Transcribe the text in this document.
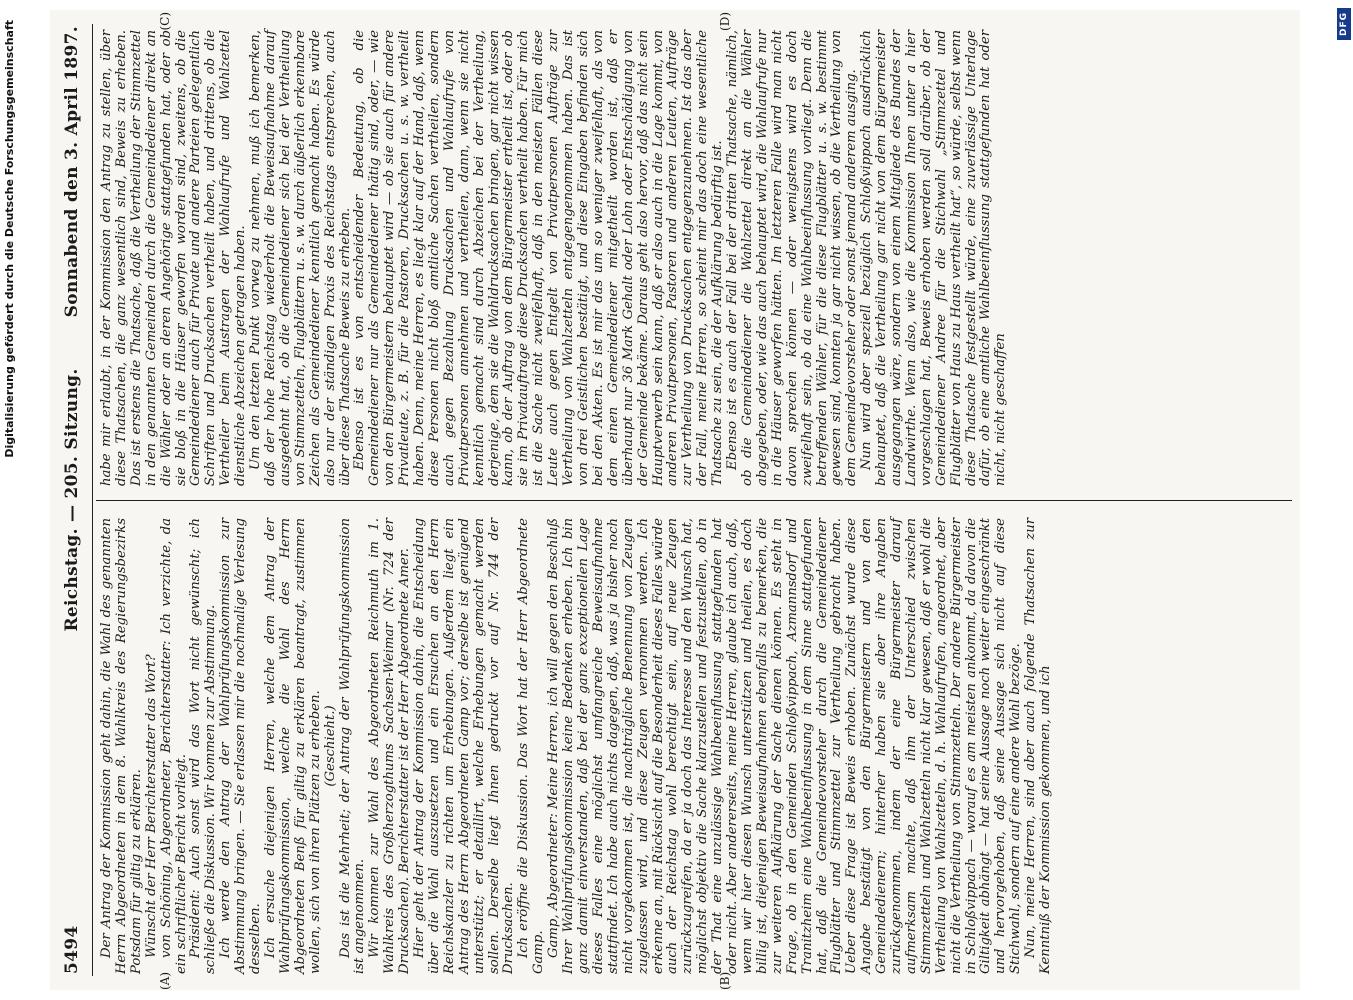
5494
Reichstag. — 205. Sitzung.
Sonnabend den 3. April 1897.
(A)	(B)

Der Antrag der Kommission geht dahin, die Wahl des genannten Herrn Abgeordneten in dem 8. Wahlkreis des Regierungsbezirks Potsdam für giltig zu erklären. Wünscht der Herr Berichterstatter das Wort? von Schöning, Abgeordneter, Berichterstatter: Ich verzichte, da ein schriftlicher Bericht vorliegt. Präsident: Auch sonst wird das Wort nicht gewünscht; ich schließe die Diskussion. Wir kommen zur Abstimmung. Ich werde den Antrag der Wahlprüfungskommission zur Abstimmung bringen. — Sie erlassen mir die nochmalige Verlesung desselben. Ich ersuche diejenigen Herren, welche dem Antrag der Wahlprüfungskommission, welche die Wahl des Herrn Abgeordneten Benß für giltig zu erklären beantragt, zustimmen wollen, sich von ihren Plätzen zu erheben. (Geschieht.) Das ist die Mehrheit; der Antrag der Wahlprüfungskommission ist angenommen. Wir kommen zur Wahl des Abgeordneten Reichmuth im 1. Wahlkreis des Großherzogthums Sachsen-Weimar (Nr. 724 der Drucksachen). Berichterstatter ist der Herr Abgeordnete Amer. Hier geht der Antrag der Kommission dahin, die Entscheidung über die Wahl auszusetzen und ein Ersuchen an den Herrn Reichskanzler zu richten um Erhebungen. Außerdem liegt ein Antrag des Herrn Abgeordneten Gamp vor; derselbe ist genügend unterstützt; er detaillirt, welche Erhebungen gemacht werden sollen. Derselbe liegt Ihnen gedruckt vor auf Nr. 744 der Drucksachen. Ich eröffne die Diskussion. Das Wort hat der Herr Abgeordnete Gamp. Gamp, Abgeordneter: Meine Herren, ich will gegen den Beschluß Ihrer Wahlprüfungskommission keine Bedenken erheben. Ich bin ganz damit einverstanden, daß bei der ganz exzeptionellen Lage dieses Falles eine möglichst umfangreiche Beweisaufnahme stattfindet. Ich habe auch nichts dagegen, daß, was ja bisher noch nicht vorgekommen ist, die nachträgliche Benennung von Zeugen zugelassen wird, und diese Zeugen vernommen werden. Ich erkenne an, mit Rücksicht auf die Besonderheit dieses Falles würde auch der Reichstag wohl berechtigt sein, auf neue Zeugen zurückzugreifen, da er ja doch das Interesse und den Wunsch hat, möglichst objektiv die Sache klarzustellen und festzustellen, ob in der That eine unzulässige Wahlbeeinflussung stattgefunden hat oder nicht. Aber andererseits, meine Herren, glaube ich auch, daß, wenn wir hier diesen Wunsch unterstützen und theilen, es doch billig ist, diejenigen Beweisaufnahmen ebenfalls zu bemerken, die zur weiteren Aufklärung der Sache dienen können. Es steht in Frage, ob in den Gemeinden Schloßvippach, Azmannsdorf und Tranitzheim eine Wahlbeeinflussung in dem Sinne stattgefunden hat, daß die Gemeindevorsteher durch die Gemeindediener Flugblätter und Stimmzettel zur Vertheilung gebracht haben. Ueber diese Frage ist Beweis erhoben. Zunächst wurde diese Angabe bestätigt von den Bürgermeistern und von den Gemeindedienern; hinterher haben sie aber ihre Angaben zurückgenommen, indem der eine Bürgermeister darauf aufmerksam machte, daß ihm der Unterschied zwischen Stimmzetteln und Wahlzetteln nicht klar gewesen, daß er wohl die Vertheilung von Wahlzetteln, d. h. Wahlaufrufen, angeordnet, aber nicht die Vertheilung von Stimmzetteln. Der andere Bürgermeister in Schloßvippach — worauf es am meisten ankommt, da davon die Giltigkeit abhängt — hat seine Aussage noch weiter eingeschränkt und hervorgehoben, daß seine Aussage sich nicht auf diese Stichwahl, sondern auf eine andere Wahl bezöge. Nun, meine Herren, sind aber auch folgende Thatsachen zur Kenntniß der Kommission gekommen, und ich

(C)	(D)

habe mir erlaubt, in der Kommission den Antrag zu stellen, über diese Thatsachen, die ganz wesentlich sind, Beweis zu erheben. Das ist erstens die Thatsache, daß die Vertheilung der Stimmzettel in den genannten Gemeinden durch die Gemeindediener direkt an die Wähler oder an deren Angehörige stattgefunden hat, oder ob sie bloß in die Häuser geworfen worden sind, zweitens, ob die Gemeindediener auch für Private und andere Parteien gelegentlich Schriften und Drucksachen vertheilt haben, und drittens, ob die Vertheiler beim Austragen der Wahlaufrufe und Wahlzettel dienstliche Abzeichen getragen haben. Um den letzten Punkt vorweg zu nehmen, muß ich bemerken, daß der hohe Reichstag wiederholt die Beweisaufnahme darauf ausgedehnt hat, ob die Gemeindediener sich bei der Vertheilung von Stimmzetteln, Flugblättern u. s. w. durch äußerlich erkennbare Zeichen als Gemeindediener kenntlich gemacht haben. Es würde also nur der ständigen Praxis des Reichstags entsprechen, auch über diese Thatsache Beweis zu erheben. Ebenso ist es von entscheidender Bedeutung, ob die Gemeindediener nur als Gemeindediener thätig sind, oder, — wie von den Bürgermeistern behauptet wird — ob sie auch für andere Privatleute, z. B. für die Pastoren, Drucksachen u. s. w. vertheilt haben. Denn, meine Herren, es liegt klar auf der Hand, daß, wenn diese Personen nicht bloß amtliche Sachen vertheilen, sondern auch gegen Bezahlung Drucksachen und Wahlaufrufe von Privatpersonen annehmen und vertheilen, dann, wenn sie nicht kenntlich gemacht sind durch Abzeichen bei der Vertheilung, derjenige, dem sie die Wahldrucksachen bringen, gar nicht wissen kann, ob der Auftrag von dem Bürgermeister ertheilt ist, oder ob sie im Privatauftrage diese Drucksachen vertheilt haben. Für mich ist die Sache nicht zweifelhaft, daß in den meisten Fällen diese Leute auch gegen Entgelt von Privatpersonen Aufträge zur Vertheilung von Wahlzetteln entgegengenommen haben. Das ist von drei Geistlichen bestätigt, und diese Eingaben befinden sich bei den Akten. Es ist mir das um so weniger zweifelhaft, als von dem einen Gemeindediener mitgetheilt worden ist, daß er überhaupt nur 36 Mark Gehalt oder Lohn oder Entschädigung von der Gemeinde bekäme. Daraus geht also hervor, daß das nicht sein Hauptverwerb sein kann, daß er also auch in die Lage kommt, von anderen Privatpersonen, Pastoren und anderen Leuten, Aufträge zur Vertheilung von Drucksachen entgegenzunehmen. Ist das aber der Fall, meine Herren, so scheint mir das doch eine wesentliche Thatsache zu sein, die der Aufklärung bedürftig ist. Ebenso ist es auch der Fall bei der dritten Thatsache, nämlich, ob die Gemeindediener die Wahlzettel direkt an die Wähler abgegeben, oder, wie das auch behauptet wird, die Wahlaufrufe nur in die Häuser geworfen hätten. Im letzteren Falle wird man nicht davon sprechen können — oder wenigstens wird es doch zweifelhaft sein, ob da eine Wahlbeeinflussung vorliegt. Denn die betreffenden Wähler, für die diese Flugblätter u. s. w. bestimmt gewesen sind, konnten ja gar nicht wissen, ob die Vertheilung von dem Gemeindevorsteher oder sonst jemand anderem ausging. Nun wird aber speziell bezüglich Schloßvippach ausdrücklich behauptet, daß die Vertheilung gar nicht von dem Bürgermeister ausgegangen wäre, sondern von einem Mitgliede des Bundes der Landwirthe. Wenn also, wie die Kommission Ihnen unter a hier vorgeschlagen hat, Beweis erhoben werden soll darüber, ob der Gemeindediener Andree für die Stichwahl „Stimmzettel und Flugblätter von Haus zu Haus vertheilt hat“, so würde, selbst wenn diese Thatsache festgestellt würde, eine zuverlässige Unterlage dafür, ob eine amtliche Wahlbeeinflussung stattgefunden hat oder nicht, nicht geschaffen

DFG
Digitalisierung gefördert durch die Deutsche Forschungsgemeinschaft
